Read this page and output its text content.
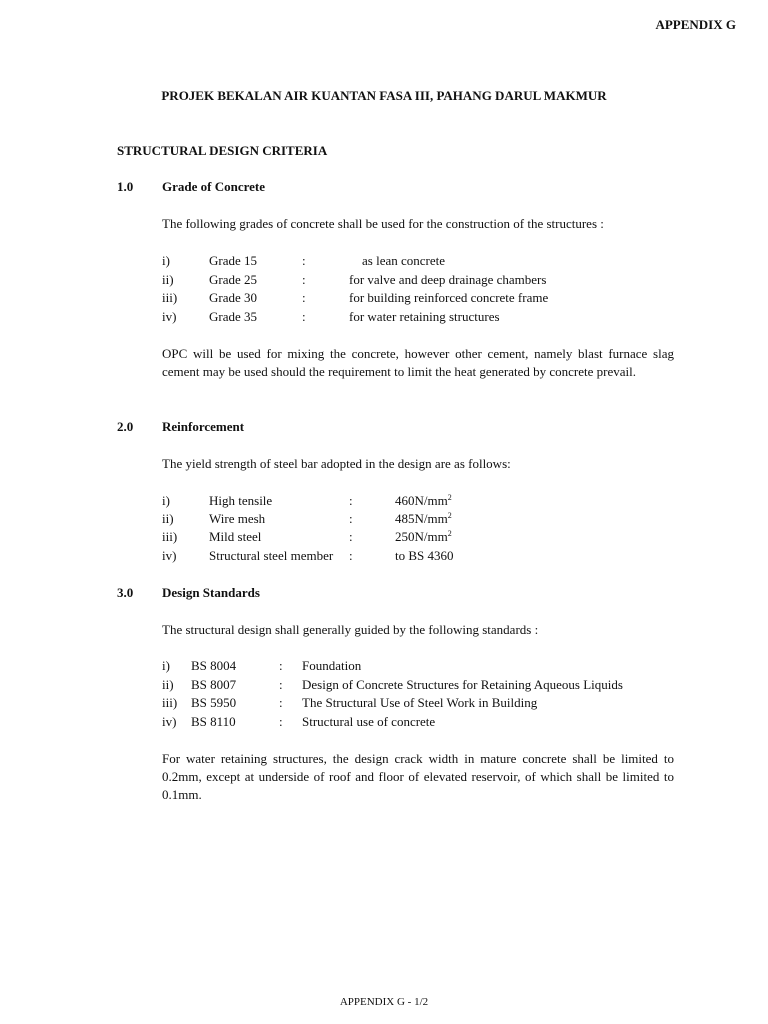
APPENDIX G
PROJEK BEKALAN AIR KUANTAN FASA III, PAHANG DARUL MAKMUR
STRUCTURAL DESIGN CRITERIA
1.0 Grade of Concrete
The following grades of concrete shall be used for the construction of the structures :
i)	Grade 15	:	as lean concrete
ii)	Grade 25	:	for valve and deep drainage chambers
iii) Grade 30	:	for building reinforced concrete frame
iv)	Grade 35	:	for water retaining structures
OPC will be used for mixing the concrete, however other cement, namely blast furnace slag cement may be used should the requirement to limit the heat generated by concrete prevail.
2.0 Reinforcement
The yield strength of steel bar adopted in the design are as follows:
i)	High tensile	:	$460N/mm^2$
ii)	Wire mesh	:	$485N/mm^2$
iii) Mild steel	:	$250N/mm^2$
iv)	Structural steel member :	to BS 4360
3.0 Design Standards
The structural design shall generally guided by the following standards :
i) BS 8004	: Foundation
ii) BS 8007	: Design of Concrete Structures for Retaining Aqueous Liquids
iii) BS 5950	: The Structural Use of Steel Work in Building
iv) BS 8110	: Structural use of concrete
For water retaining structures, the design crack width in mature concrete shall be limited to 0.2mm, except at underside of roof and floor of elevated reservoir, of which shall be limited to 0.1mm.
APPENDIX G - 1/2
